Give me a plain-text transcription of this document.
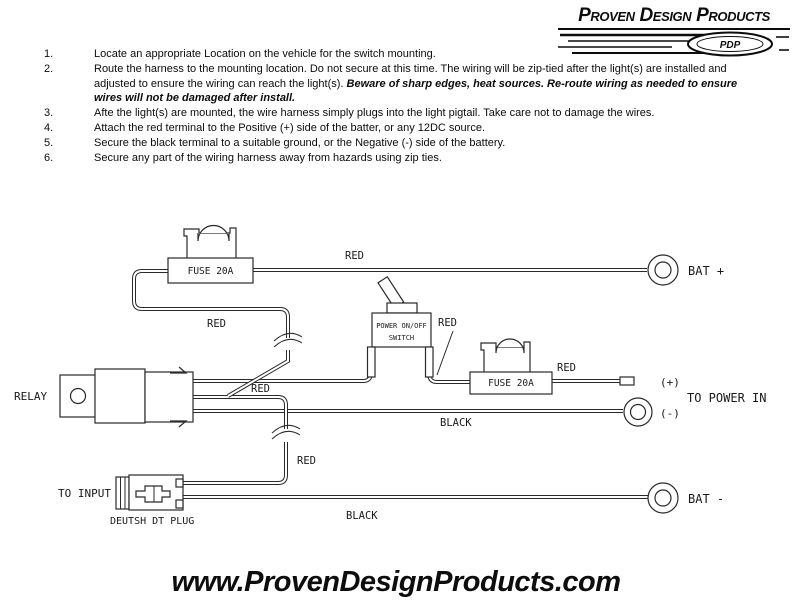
Proven Design Products
PDP
1.	Locate an appropriate Location on the vehicle for the switch mounting.
2.	Route the harness to the mounting location. Do not secure at this time. The wiring will be zip-tied after the light(s) are installed and adjusted to ensure the wiring can reach the light(s). Beware of sharp edges, heat sources. Re-route wiring as needed to ensure wires will not be damaged after install.
3.	Afte the light(s) are mounted, the wire harness simply plugs into the light pigtail. Take care not to damage the wires.
4.	Attach the red terminal to the Positive (+) side of the batter, or any 12DC source.
5.	Secure the black terminal to a suitable ground, or the Negative (-) side of the battery.
6.	Secure any part of the wiring harness away from hazards using zip ties.
RELAY
POWER ON/OFF
SWITCH
FUSE 20A
FUSE 20A
TO INPUT
DEUTSH DT PLUG
BAT +
(+)
(-)
TO POWER IN
BAT -
RED
RED
RED
RED
RED
RED
BLACK
BLACK
www.ProvenDesignProducts.com
